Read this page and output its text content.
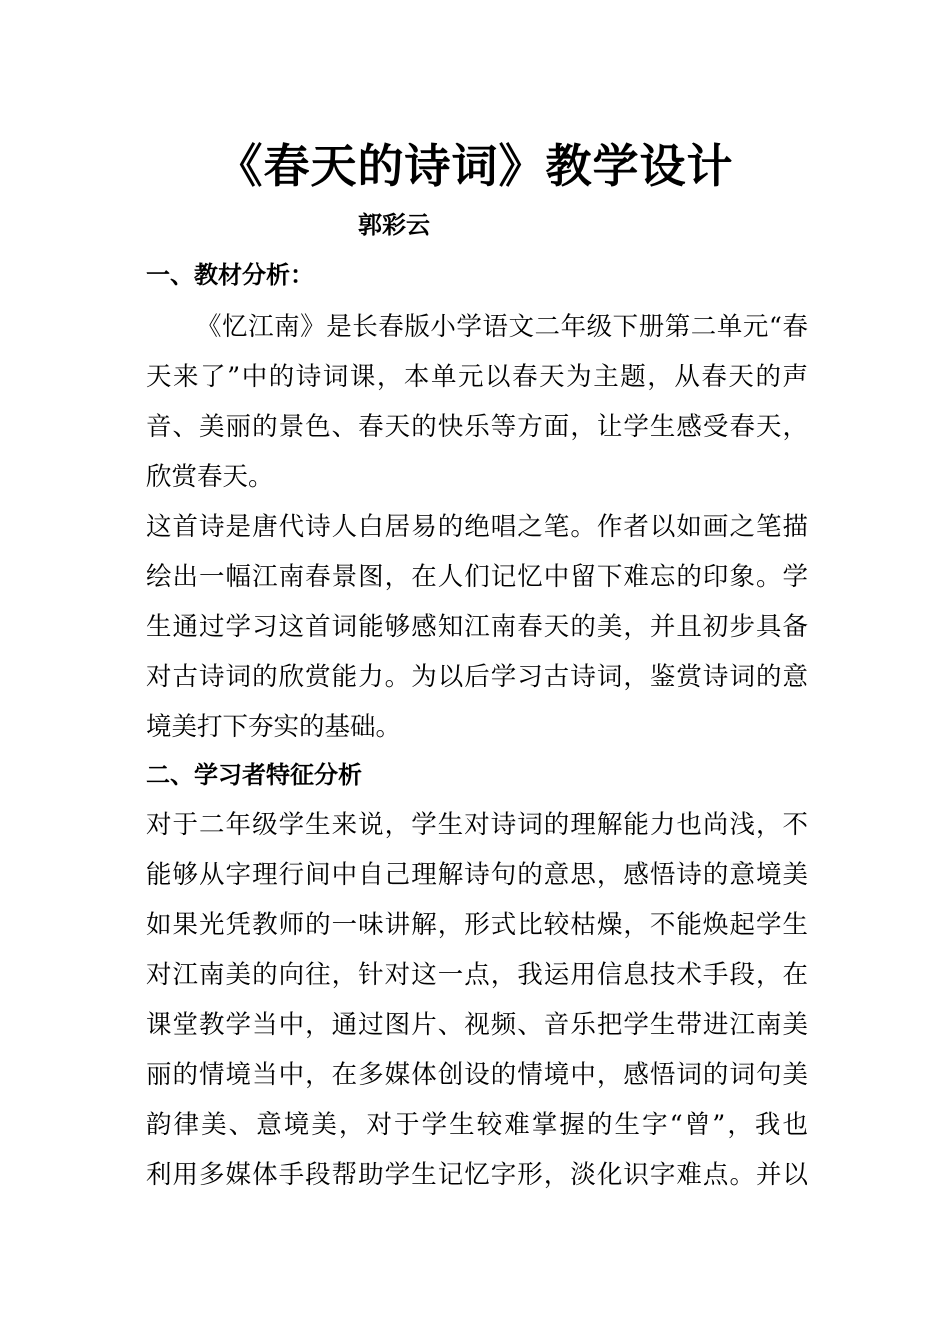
《春天的诗词》教学设计
郭彩云
一、教材分析：
《忆江南》是长春版小学语文二年级下册第二单元“春
天来了”中的诗词课，本单元以春天为主题，从春天的声
音、美丽的景色、春天的快乐等方面，让学生感受春天，
欣赏春天。
这首诗是唐代诗人白居易的绝唱之笔。作者以如画之笔描
绘出一幅江南春景图，在人们记忆中留下难忘的印象。学
生通过学习这首词能够感知江南春天的美，并且初步具备
对古诗词的欣赏能力。为以后学习古诗词，鉴赏诗词的意
境美打下夯实的基础。
二、学习者特征分析
对于二年级学生来说，学生对诗词的理解能力也尚浅，不
能够从字理行间中自己理解诗句的意思，感悟诗的意境美
如果光凭教师的一味讲解，形式比较枯燥，不能焕起学生
对江南美的向往，针对这一点，我运用信息技术手段，在
课堂教学当中，通过图片、视频、音乐把学生带进江南美
丽的情境当中，在多媒体创设的情境中，感悟词的词句美
韵律美、意境美，对于学生较难掌握的生字“曾”，我也
利用多媒体手段帮助学生记忆字形，淡化识字难点。并以
